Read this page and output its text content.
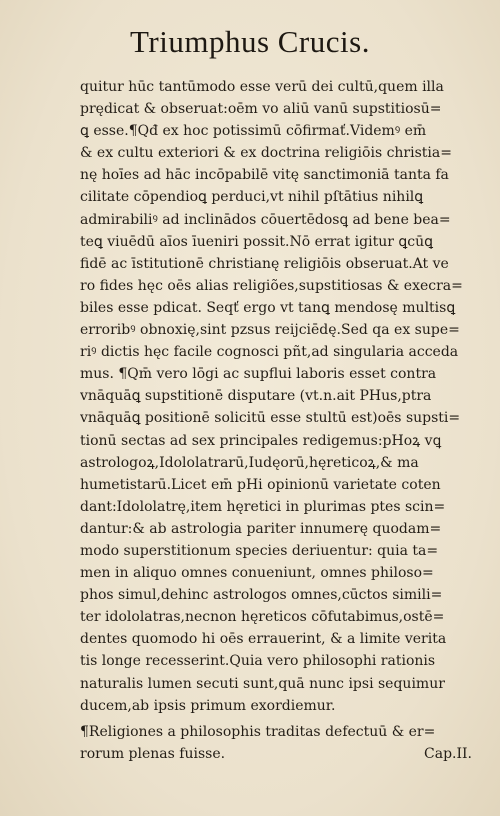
Triumphus Crucis.
quitur hūc tantūmodo esse verū dei cultū,quem illa
prędicat & obseruat:oēm vo aliū vanū supstitiosū=
ꝗ esse.¶Qđ ex hoc potissimū cōfirmať.Videmꝰ em̄
& ex cultu exteriori & ex doctrina religiōis christia=
nę hoīes ad hāc incōpabilē vitę sanctimoniā tanta fa
cilitate cōpendioꝗ perduci,vt nihil pſtātius nihilꝗ
admirabiliꝰ ad inclinādos cōuertēdosꝗ ad bene bea=
teꝗ viuēdū aīos īueniri possit.Nō errat igitur ꝗcūꝗ
fidē ac īstitutionē christianę religiōis obseruat.At ve
ro fides hęc oēs alias religiões,supstitiosas & execra=
biles esse pdicat. Seqť ergo vt tanꝗ mendosę multisꝗ
erroribꝰ obnoxię,sint pzsus reijciēdę.Sed qa ex supe=
riꝰ dictis hęc facile cognosci pñt,ad singularia acceda
mus. ¶Qm̄ vero lōgi ac supflui laboris esset contra
vnāquāꝗ supstitionē disputare (vt.n.ait PHus,ptra
vnāquāꝗ positionē solicitū esse stultū est)oēs supsti=
tionū sectas ad sex principales redigemus:pHoꝝ vꝗ
astrologoꝝ,Idololatrarū,Iudęorū,hęreticoꝝ,& ma
humetistarū.Licet em̄ pHi opinionū varietate coten
dant:Idololatrę,item hęretici in plurimas ptes scin=
dantur:& ab astrologia pariter innumerę quodam=
modo superstitionum species deriuentur: quia ta=
men in aliquo omnes conueniunt, omnes philoso=
phos simul,dehinc astrologos omnes,cūctos simili=
ter idololatras,necnon hęreticos cōfutabimus,ostē=
dentes quomodo hi oēs errauerint, & a limite verita
tis longe recesserint.Quia vero philosophi rationis
naturalis lumen secuti sunt,quā nunc ipsi sequimur
ducem,ab ipsis primum exordiemur.
¶Religiones a philosophis traditas defectuū & er=
rorum plenas fuisse.	Cap.II.
